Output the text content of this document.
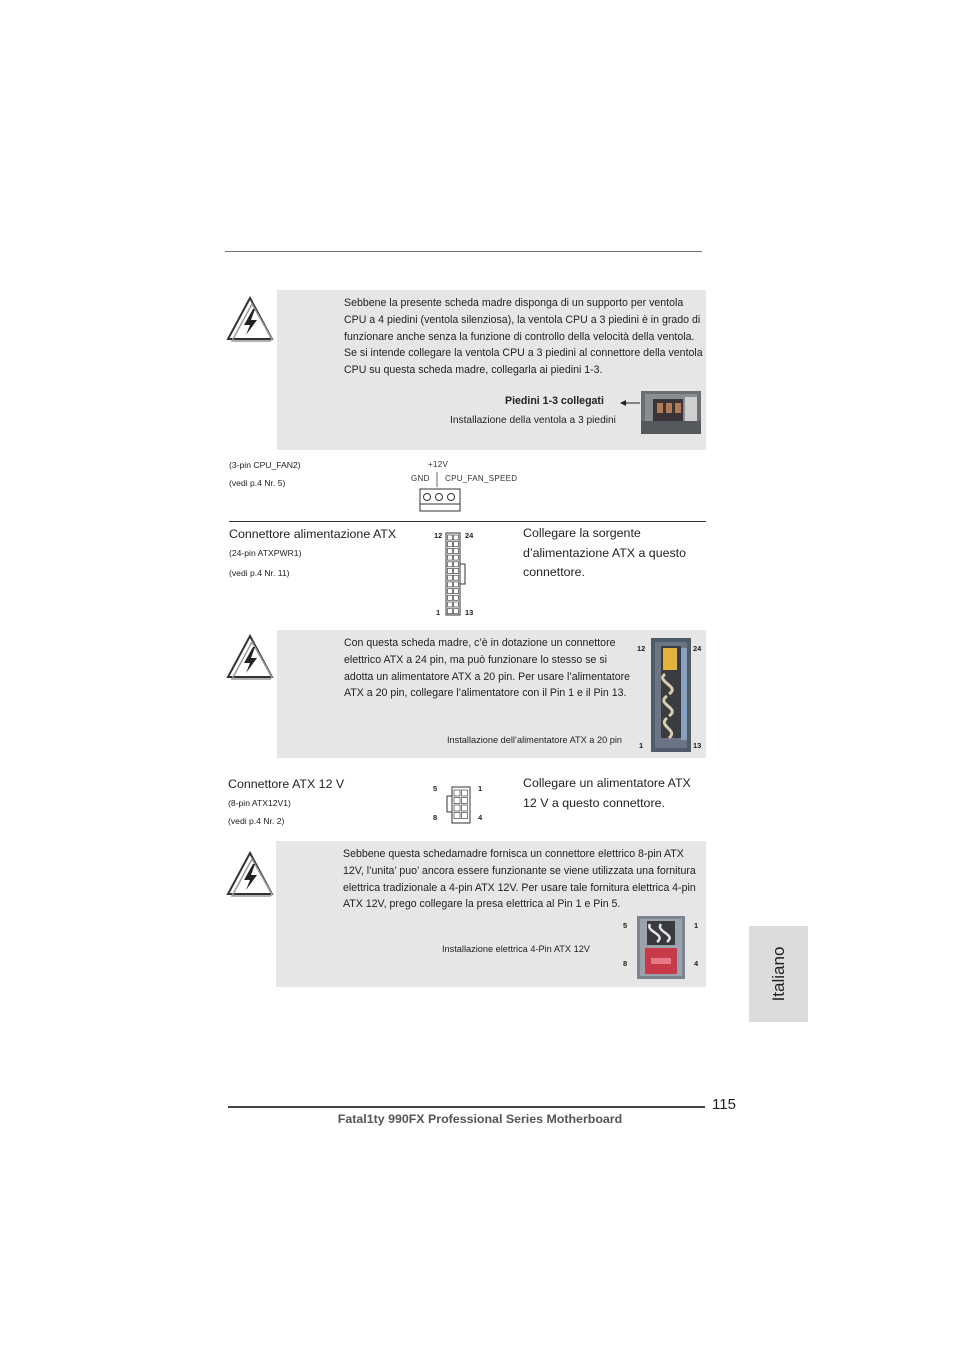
Sebbene la presente scheda madre disponga di un supporto per ventola CPU a 4 piedini (ventola silenziosa), la ventola CPU a 3 piedini è in grado di funzionare anche senza la funzione di controllo della velocità della ventola. Se si intende collegare la ventola CPU a 3 piedini al connettore della ventola CPU su questa scheda madre, collegarla ai piedini 1-3.
Piedini 1-3 collegati
Installazione della ventola a 3 piedini
(3-pin CPU_FAN2)
(vedi p.4 Nr. 5)
+12V
GND CPU_FAN_SPEED
Connettore alimentazione ATX
(24-pin ATXPWR1)
(vedi p.4 Nr. 11)
12	24
1	13
Collegare la sorgente
d’alimentazione ATX a questo
connettore.
Con questa scheda madre, c’è in dotazione un connettore elettrico ATX a 24 pin, ma può funzionare lo stesso se si adotta un alimentatore ATX a 20 pin. Per usare l’alimentatore ATX a 20 pin, collegare l’alimentatore con il Pin 1 e il Pin 13.
Installazione dell’alimentatore ATX a 20 pin
12	24
1	13
Connettore ATX 12 V
(8-pin ATX12V1)
(vedi p.4 Nr. 2)
5	1
8	4
Collegare un alimentatore ATX
12 V a questo connettore.
Sebbene questa schedamadre fornisca un connettore elettrico 8-pin ATX 12V, l’unita’ puo’ ancora essere funzionante se viene utilizzata una fornitura elettrica tradizionale a 4-pin ATX 12V. Per usare tale fornitura elettrica 4-pin ATX 12V, prego collegare la presa elettrica al Pin 1 e Pin 5.
Installazione elettrica 4-Pin ATX 12V
5	1
8	4	Italiano
115
Fatal1ty 990FX Professional Series Motherboard
